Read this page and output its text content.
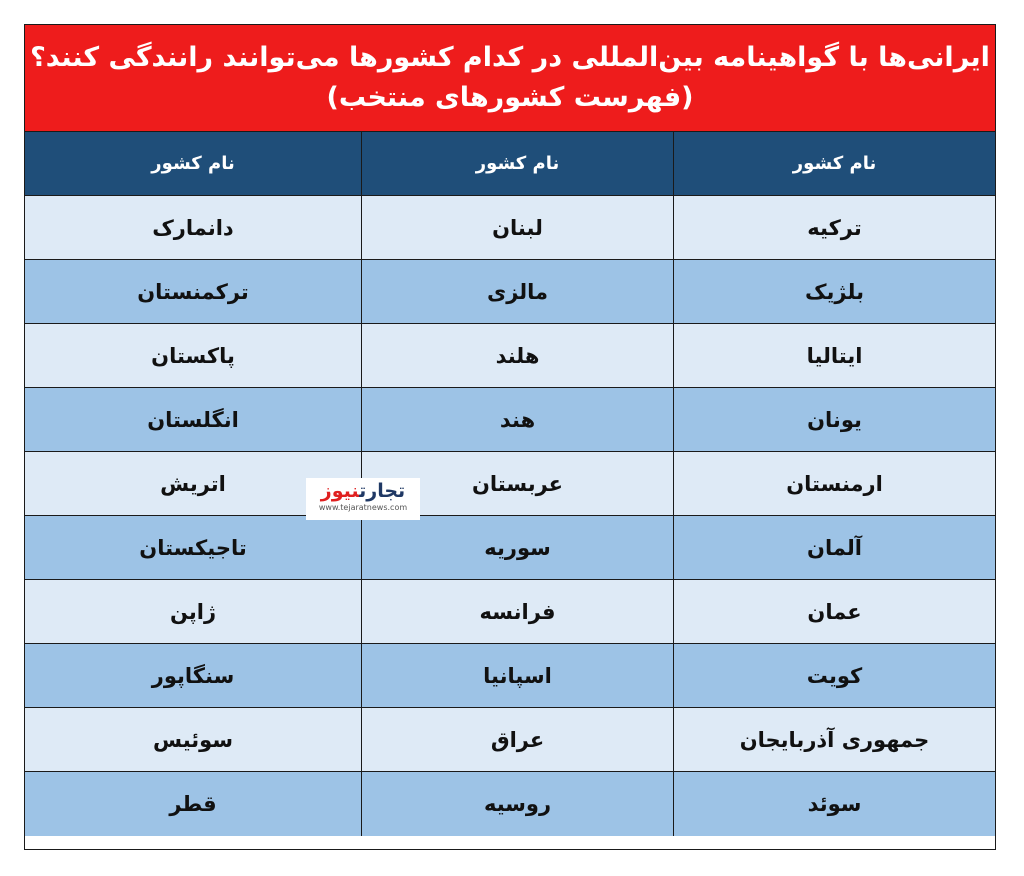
ایرانی‌ها با گواهینامه بین‌المللی در کدام کشورها می‌توانند رانندگی کنند؟
(فهرست کشورهای منتخب)
نام کشور
نام کشور
نام کشور
ترکیه
لبنان
دانمارک
بلژیک
مالزی
ترکمنستان
ایتالیا
هلند
پاکستان
یونان
هند
انگلستان
ارمنستان
عربستان
اتریش
آلمان
سوریه
تاجیکستان
عمان
فرانسه
ژاپن
کویت
اسپانیا
سنگاپور
جمهوری آذربایجان
عراق
سوئیس
سوئد
روسیه
قطر
تجارتنیوز
www.tejaratnews.com
